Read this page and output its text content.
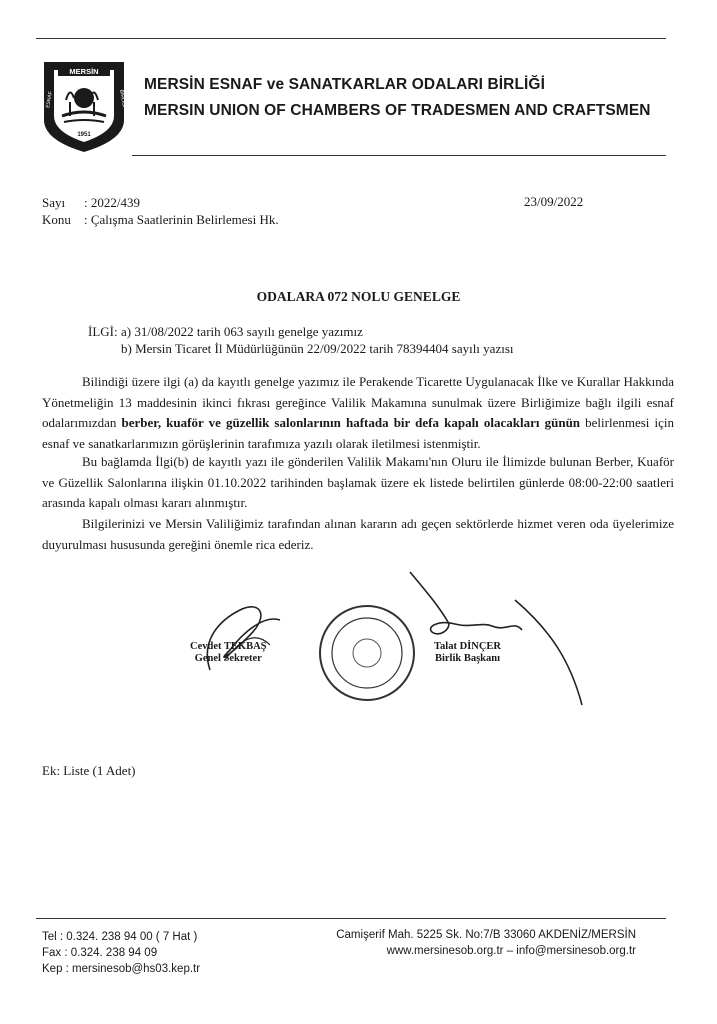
MERSİN
1951
ESNAF	BİRLİĞİ
MERSİN ESNAF ve SANATKARLAR ODALARI BİRLİĞİ
MERSIN UNION OF CHAMBERS OF TRADESMEN AND CRAFTSMEN
Sayı : 2022/439
Konu : Çalışma Saatlerinin Belirlemesi Hk.
23/09/2022
ODALARA 072 NOLU GENELGE
İLGİ: a) 31/08/2022 tarih 063 sayılı genelge yazımız
b) Mersin Ticaret İl Müdürlüğünün 22/09/2022 tarih 78394404 sayılı yazısı
Bilindiği üzere ilgi (a) da kayıtlı genelge yazımız ile Perakende Ticarette Uygulanacak İlke ve Kurallar Hakkında Yönetmeliğin 13 maddesinin ikinci fıkrası gereğince Valilik Makamına sunulmak üzere Birliğimize bağlı ilgili esnaf odalarımızdan berber, kuaför ve güzellik salonlarının haftada bir defa kapalı olacakları günün belirlenmesi için esnaf ve sanatkarlarımızın görüşlerinin tarafımıza yazılı olarak iletilmesi istenmiştir.
Bu bağlamda İlgi(b) de kayıtlı yazı ile gönderilen Valilik Makamı'nın Oluru ile İlimizde bulunan Berber, Kuaför ve Güzellik Salonlarına ilişkin 01.10.2022 tarihinden başlamak üzere ek listede belirtilen günlerde 08:00-22:00 saatleri arasında kapalı olması kararı alınmıştır.
Bilgilerinizi ve Mersin Valiliğimiz tarafından alınan kararın adı geçen sektörlerde hizmet veren oda üyelerimize duyurulması hususunda gereğini önemle rica ederiz.
Cevdet TEKBAŞ
Genel Sekreter
Talat DİNÇER
Birlik Başkanı
Ek: Liste (1 Adet)
Tel : 0.324. 238 94 00 ( 7 Hat )
Fax : 0.324. 238 94 09
Kep : mersinesob@hs03.kep.tr
Camişerif Mah. 5225 Sk. No:7/B 33060 AKDENİZ/MERSİN
www.mersinesob.org.tr – info@mersinesob.org.tr
